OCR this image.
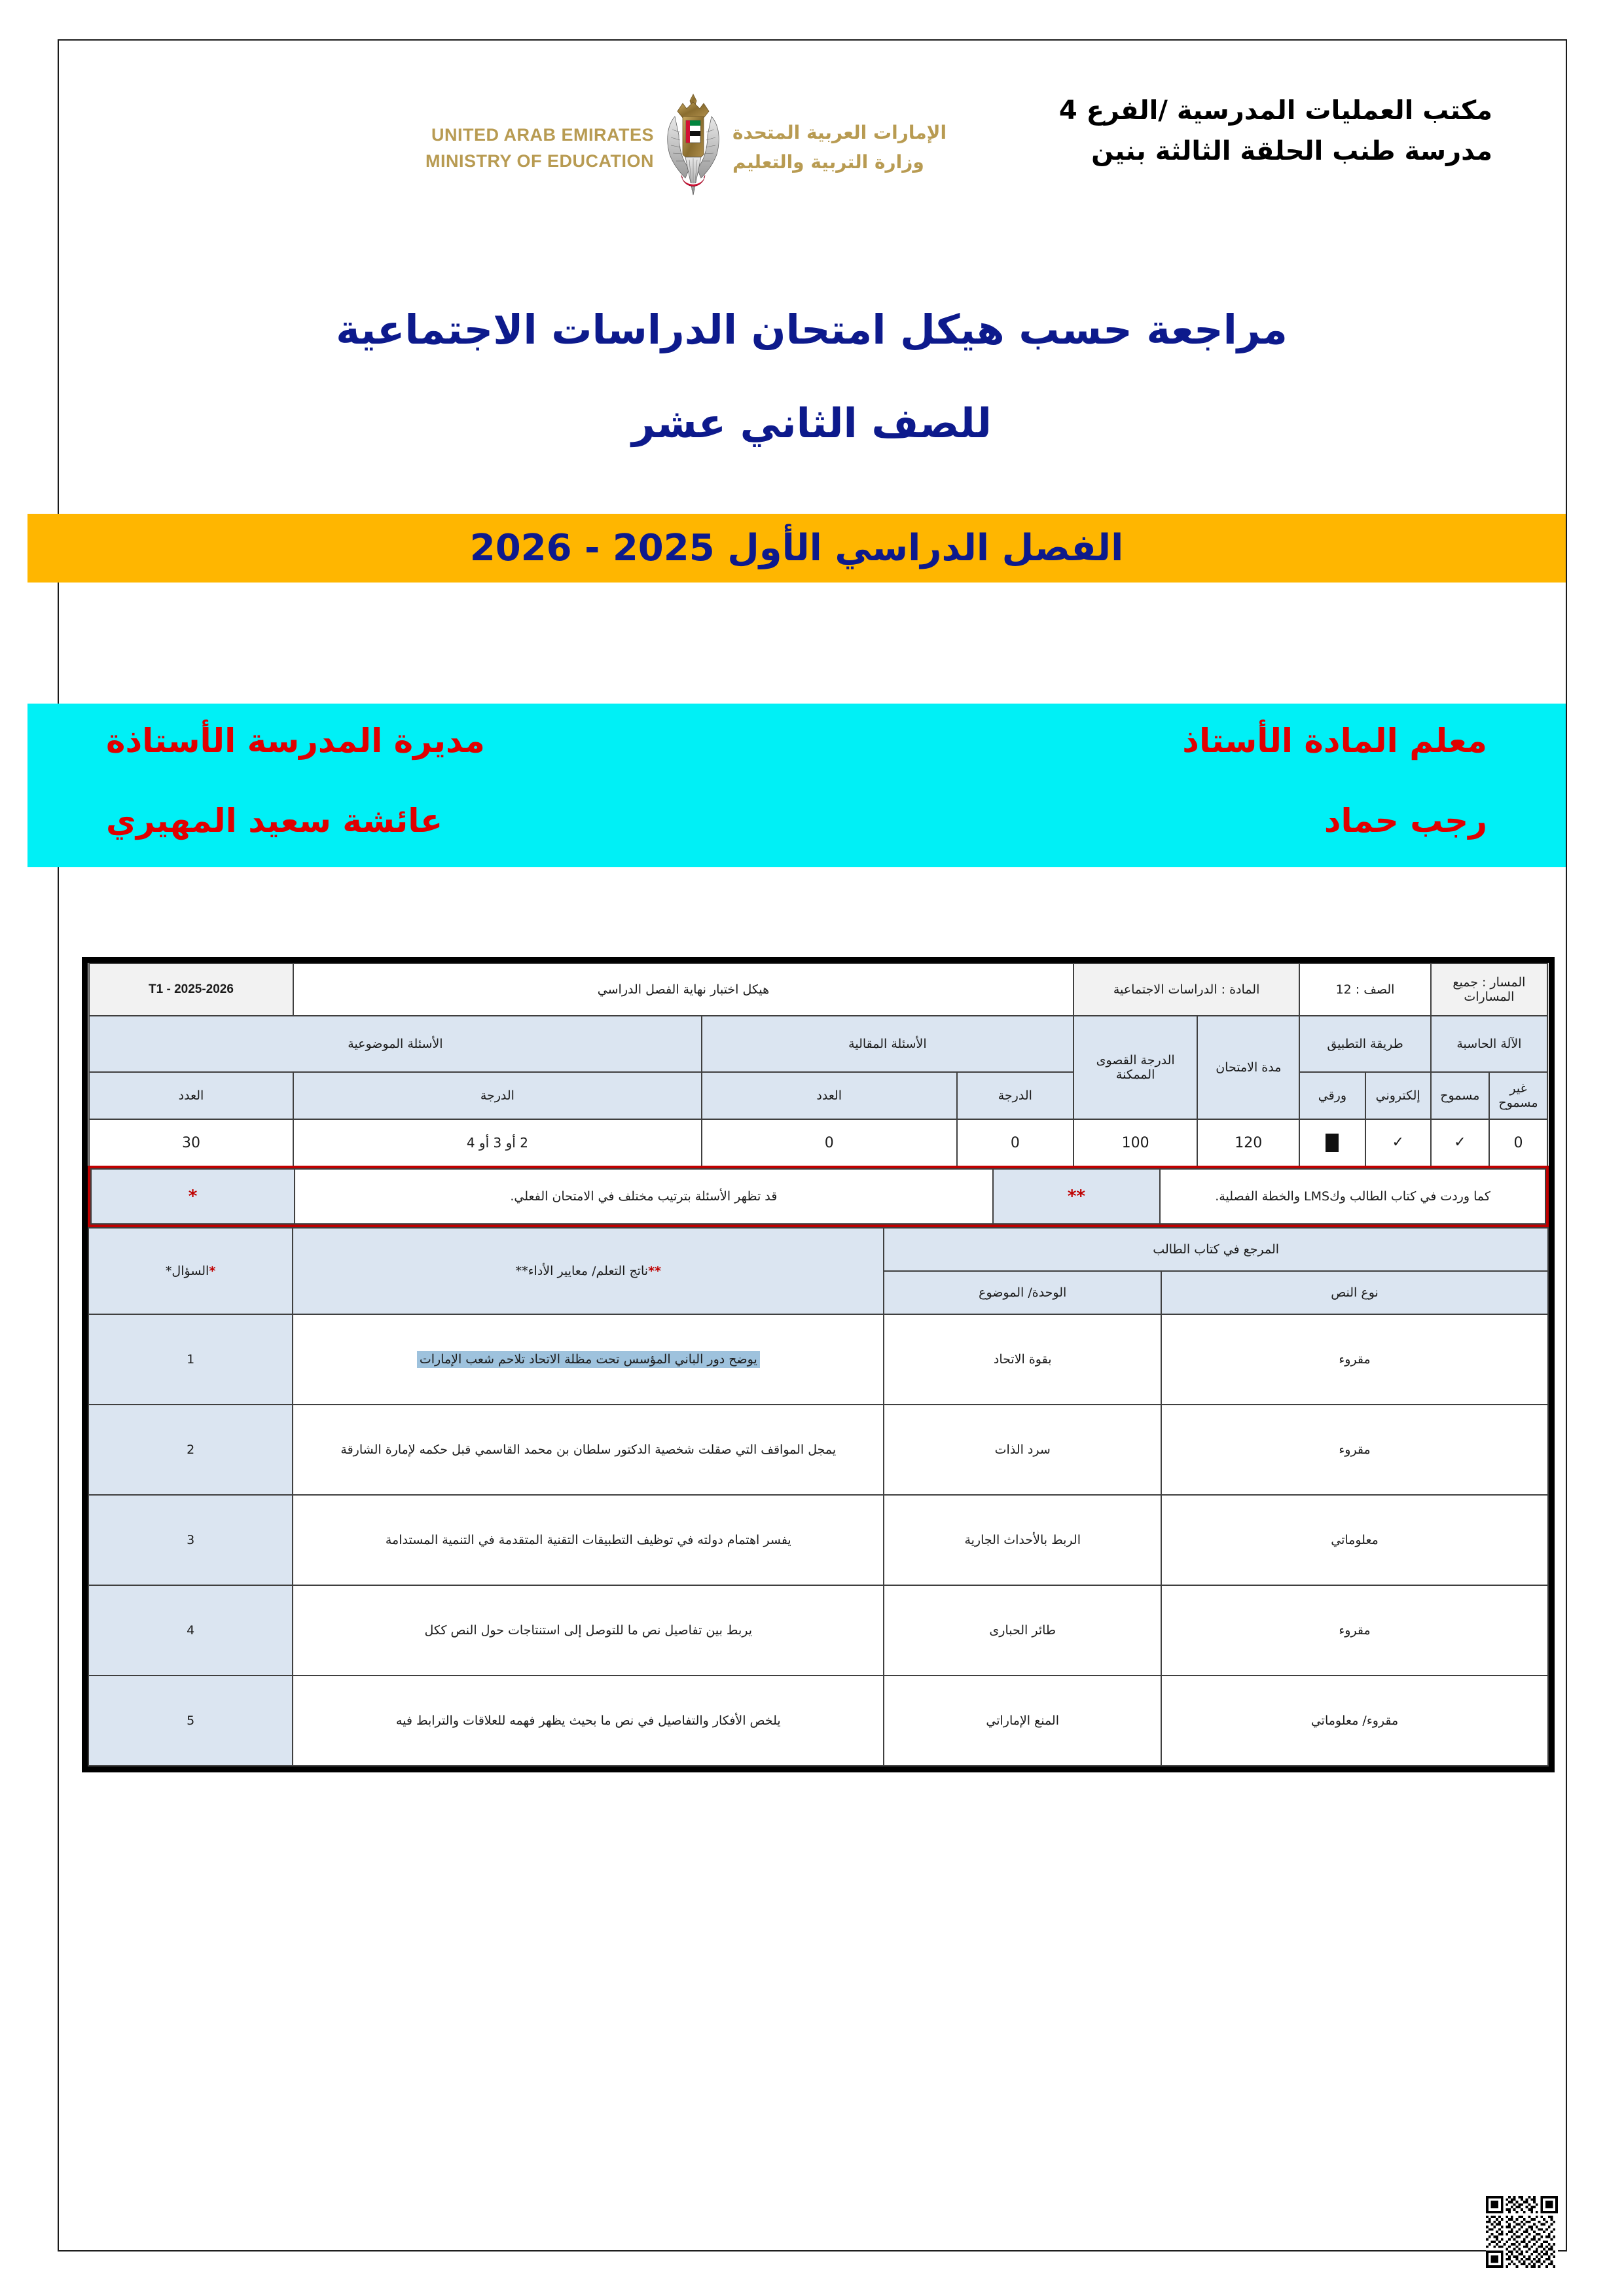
مكتب العمليات المدرسية /الفرع 4
مدرسة طنب الحلقة الثالثة بنين
UNITED ARAB EMIRATES
MINISTRY OF EDUCATION
الإمارات العربية المتحدة
وزارة التربية والتعليم
مراجعة حسب هيكل امتحان الدراسات الاجتماعية
للصف الثاني عشر
الفصل الدراسي الأول 2025 - 2026
معلم المادة الأستاذ
مديرة المدرسة الأستاذة
رجب حماد
عائشة سعيد المهيري
المسار : جميع المسارات	الصف : 12	المادة : الدراسات الاجتماعية	هيكل اختبار نهاية الفصل الدراسي	T1 - 2025-2026
الآلة الحاسبة	طريقة التطبيق	مدة الامتحان	الدرجة القصوى الممكنة	الأسئلة المقالية	الأسئلة الموضوعية
غير مسموح	مسموح	إلكتروني	ورقي	الدرجة	العدد	الدرجة	العدد
0	✓	✓		120	100	0	0	2 أو 3 أو 4	30

كما وردت في كتاب الطالب وكLMS والخطة الفصلية.	**	قد تظهر الأسئلة بترتيب مختلف في الامتحان الفعلي.	*
المرجع في كتاب الطالب		**ناتج التعلم/ معايير الأداء**	*السؤال*
نوع النص	الوحدة/ الموضوع		
مقروء	بقوة الاتحاد	يوضح دور الباني المؤسس تحت مظلة الاتحاد تلاحم شعب الإمارات	1
مقروء	سرد الذات	يمجل المواقف التي صقلت شخصية الدكتور سلطان بن محمد القاسمي قبل حكمه لإمارة الشارقة	2
معلوماتي	الربط بالأحداث الجارية	يفسر اهتمام دولته في توظيف التطبيقات التقنية المتقدمة في التنمية المستدامة	3
مقروء	طائر الحبارى	يربط بين تفاصيل نص ما للتوصل إلى استنتاجات حول النص ككل	4
مقروء/ معلوماتي	المنع الإماراتي	يلخص الأفكار والتفاصيل في نص ما بحيث يظهر فهمه للعلاقات والترابط فيه	5
